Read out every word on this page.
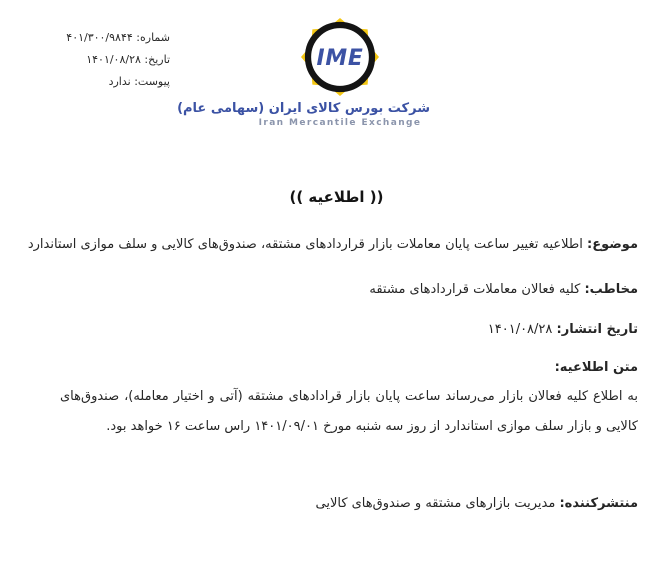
شماره: ۴۰۱/۳۰۰/۹۸۴۴
تاریخ: ۱۴۰۱/۰۸/۲۸
پیوست: ندارد
IME
شرکت بورس کالای ایران (سهامی عام)
Iran Mercantile Exchange
(( اطلاعیه ))
موضوع: اطلاعیه تغییر ساعت پایان معاملات بازار قراردادهای مشتقه، صندوق‌های کالایی و سلف موازی استاندارد
مخاطب: کلیه فعالان معاملات قراردادهای مشتقه
تاریخ انتشار: ۱۴۰۱/۰۸/۲۸
متن اطلاعیه:
به اطلاع کلیه فعالان بازار می‌رساند ساعت پایان بازار قرادادهای مشتقه (آتی و اختیار معامله)، صندوق‌های کالایی و بازار سلف موازی استاندارد از روز سه شنبه مورخ ۱۴۰۱/۰۹/۰۱ راس ساعت ۱۶ خواهد بود.
منتشرکننده: مدیریت بازارهای مشتقه و صندوق‌های کالایی
